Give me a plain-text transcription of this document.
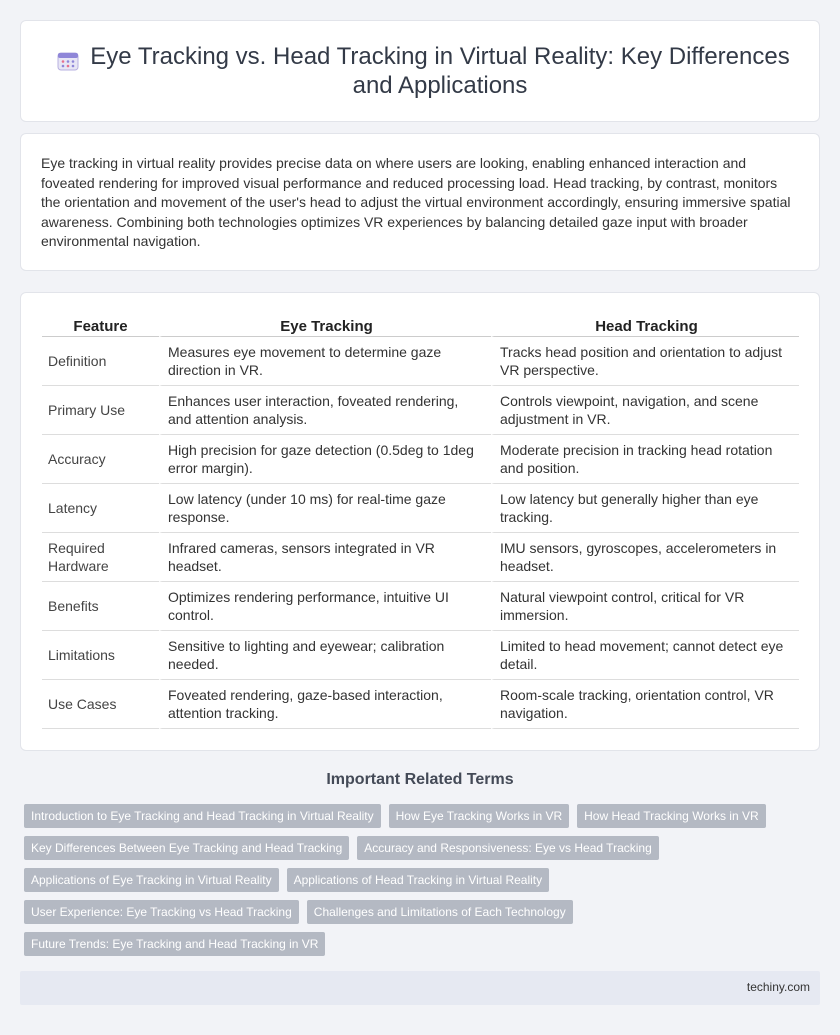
Eye Tracking vs. Head Tracking in Virtual Reality: Key Differences and Applications

Eye tracking in virtual reality provides precise data on where users are looking, enabling enhanced interaction and foveated rendering for improved visual performance and reduced processing load. Head tracking, by contrast, monitors the orientation and movement of the user's head to adjust the virtual environment accordingly, ensuring immersive spatial awareness. Combining both technologies optimizes VR experiences by balancing detailed gaze input with broader environmental navigation.

Feature	Eye Tracking	Head Tracking
Definition	Measures eye movement to determine gaze direction in VR.	Tracks head position and orientation to adjust VR perspective.
Primary Use	Enhances user interaction, foveated rendering, and attention analysis.	Controls viewpoint, navigation, and scene adjustment in VR.
Accuracy	High precision for gaze detection (0.5deg to 1deg error margin).	Moderate precision in tracking head rotation and position.
Latency	Low latency (under 10 ms) for real-time gaze response.	Low latency but generally higher than eye tracking.
Required Hardware	Infrared cameras, sensors integrated in VR headset.	IMU sensors, gyroscopes, accelerometers in headset.
Benefits	Optimizes rendering performance, intuitive UI control.	Natural viewpoint control, critical for VR immersion.
Limitations	Sensitive to lighting and eyewear; calibration needed.	Limited to head movement; cannot detect eye detail.
Use Cases	Foveated rendering, gaze-based interaction, attention tracking.	Room-scale tracking, orientation control, VR navigation.
Important Related Terms
Introduction to Eye Tracking and Head Tracking in Virtual Reality	How Eye Tracking Works in VR	How Head Tracking Works in VR
Key Differences Between Eye Tracking and Head Tracking	Accuracy and Responsiveness: Eye vs Head Tracking
Applications of Eye Tracking in Virtual Reality	Applications of Head Tracking in Virtual Reality
User Experience: Eye Tracking vs Head Tracking	Challenges and Limitations of Each Technology
Future Trends: Eye Tracking and Head Tracking in VR
techiny.com
